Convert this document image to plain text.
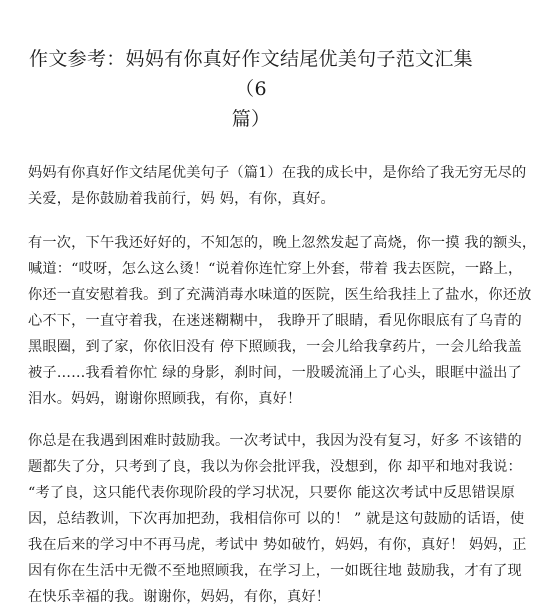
作文参考：妈妈有你真好作文结尾优美句子范文汇集（6
篇）

妈妈有你真好作文结尾优美句子（篇1）在我的成长中，是你给了我无穷无尽的
关爱，是你鼓励着我前行，妈 妈，有你，真好。

有一次，下午我还好好的，不知怎的，晚上忽然发起了高烧，你一摸 我的额头，
喊道：“哎呀，怎么这么烫！“说着你连忙穿上外套，带着 我去医院，一路上，
你还一直安慰着我。到了充满消毒水味道的医院，医生给我挂上了盐水，你还放
心不下，一直守着我，在迷迷糊糊中， 我睁开了眼睛，看见你眼底有了乌青的
黑眼圈，到了家，你依旧没有 停下照顾我，一会儿给我拿药片，一会儿给我盖
被子……我看着你忙 绿的身影，刹时间，一股暖流涌上了心头，眼眶中溢出了
泪水。妈妈，谢谢你照顾我，有你，真好！

你总是在我遇到困难时鼓励我。一次考试中，我因为没有复习，好多 不该错的
题都失了分，只考到了良，我以为你会批评我，没想到，你 却平和地对我说：
“考了良，这只能代表你现阶段的学习状况，只要你 能这次考试中反思错误原
因，总结教训，下次再加把劲，我相信你可 以的！ ” 就是这句鼓励的话语，使
我在后来的学习中不再马虎，考试中 势如破竹，妈妈，有你，真好！ 妈妈，正
因有你在生活中无微不至地照顾我，在学习上，一如既往地 鼓励我，才有了现
在快乐幸福的我。谢谢你，妈妈，有你，真好！
